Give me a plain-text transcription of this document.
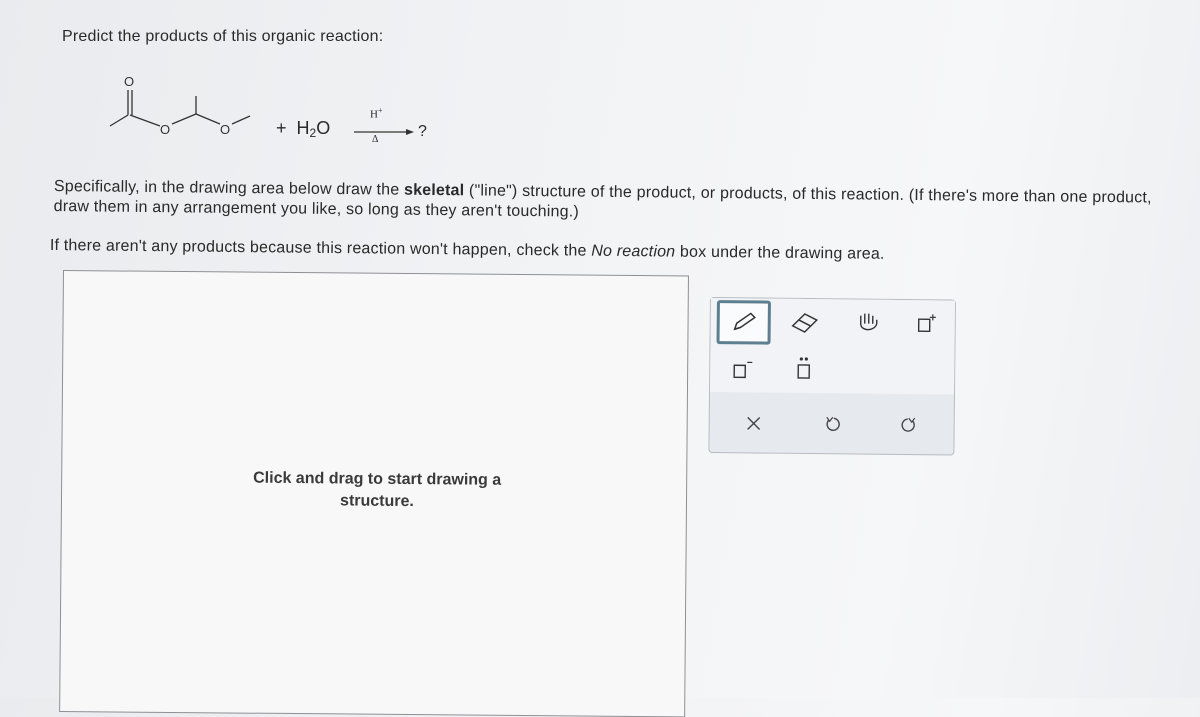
Predict the products of this organic reaction:
O
O	O	+ $H_2O$
H+
Δ ?
Specifically, in the drawing area below draw the skeletal ("line") structure of the product, or products, of this reaction. (If there's more than one product, draw them in any arrangement you like, so long as they aren't touching.)
If there aren't any products because this reaction won't happen, check the No reaction box under the drawing area.
Click and drag to start drawing a structure.
